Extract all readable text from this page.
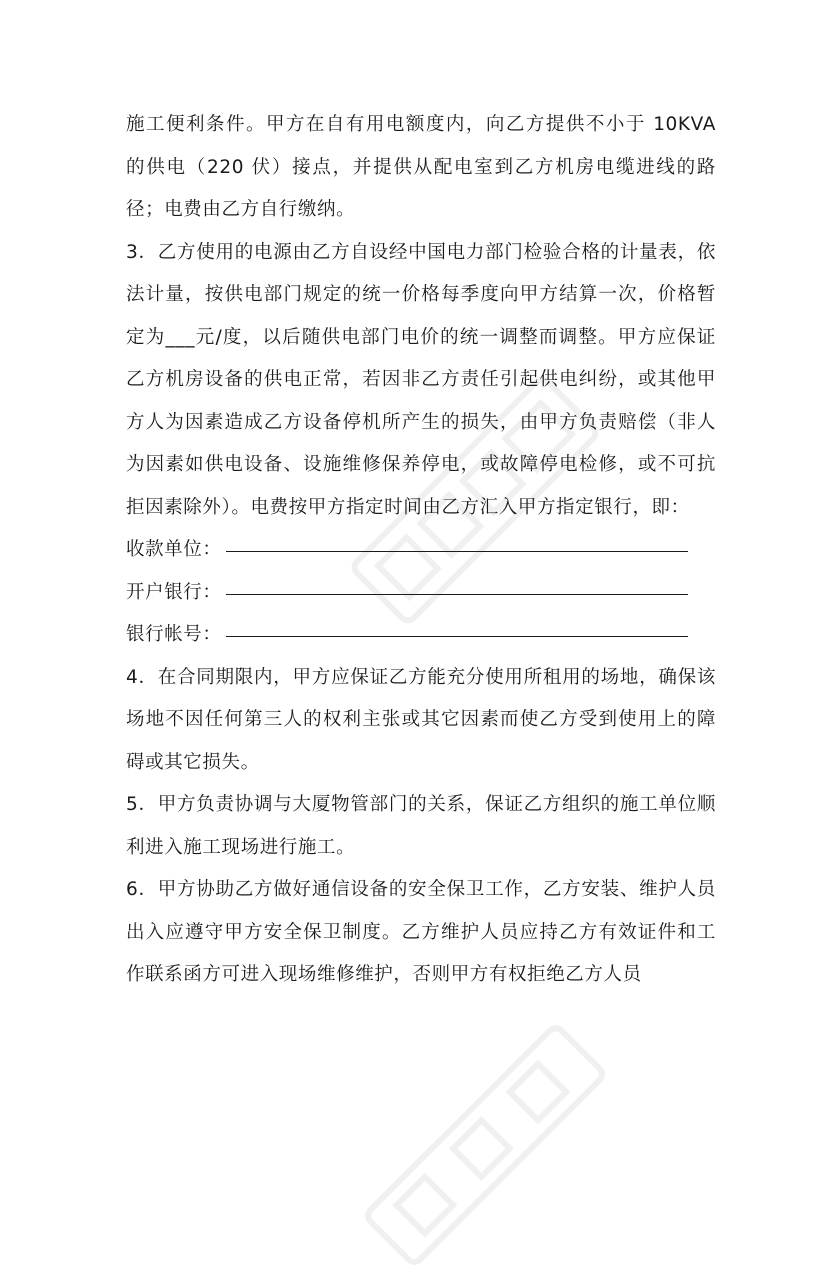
施工便利条件。甲方在自有用电额度内，向乙方提供不小于 10KVA 的供电（220 伏）接点，并提供从配电室到乙方机房电缆进线的路径；电费由乙方自行缴纳。

3．乙方使用的电源由乙方自设经中国电力部门检验合格的计量表，依法计量，按供电部门规定的统一价格每季度向甲方结算一次，价格暂定为___元/度，以后随供电部门电价的统一调整而调整。甲方应保证乙方机房设备的供电正常，若因非乙方责任引起供电纠纷，或其他甲方人为因素造成乙方设备停机所产生的损失，由甲方负责赔偿（非人为因素如供电设备、设施维修保养停电，或故障停电检修，或不可抗拒因素除外）。电费按甲方指定时间由乙方汇入甲方指定银行，即：

收款单位：
开户银行：
银行帐号：

4．在合同期限内，甲方应保证乙方能充分使用所租用的场地，确保该场地不因任何第三人的权利主张或其它因素而使乙方受到使用上的障碍或其它损失。

5．甲方负责协调与大厦物管部门的关系，保证乙方组织的施工单位顺利进入施工现场进行施工。

6．甲方协助乙方做好通信设备的安全保卫工作，乙方安装、维护人员出入应遵守甲方安全保卫制度。乙方维护人员应持乙方有效证件和工作联系函方可进入现场维修维护，否则甲方有权拒绝乙方人员
